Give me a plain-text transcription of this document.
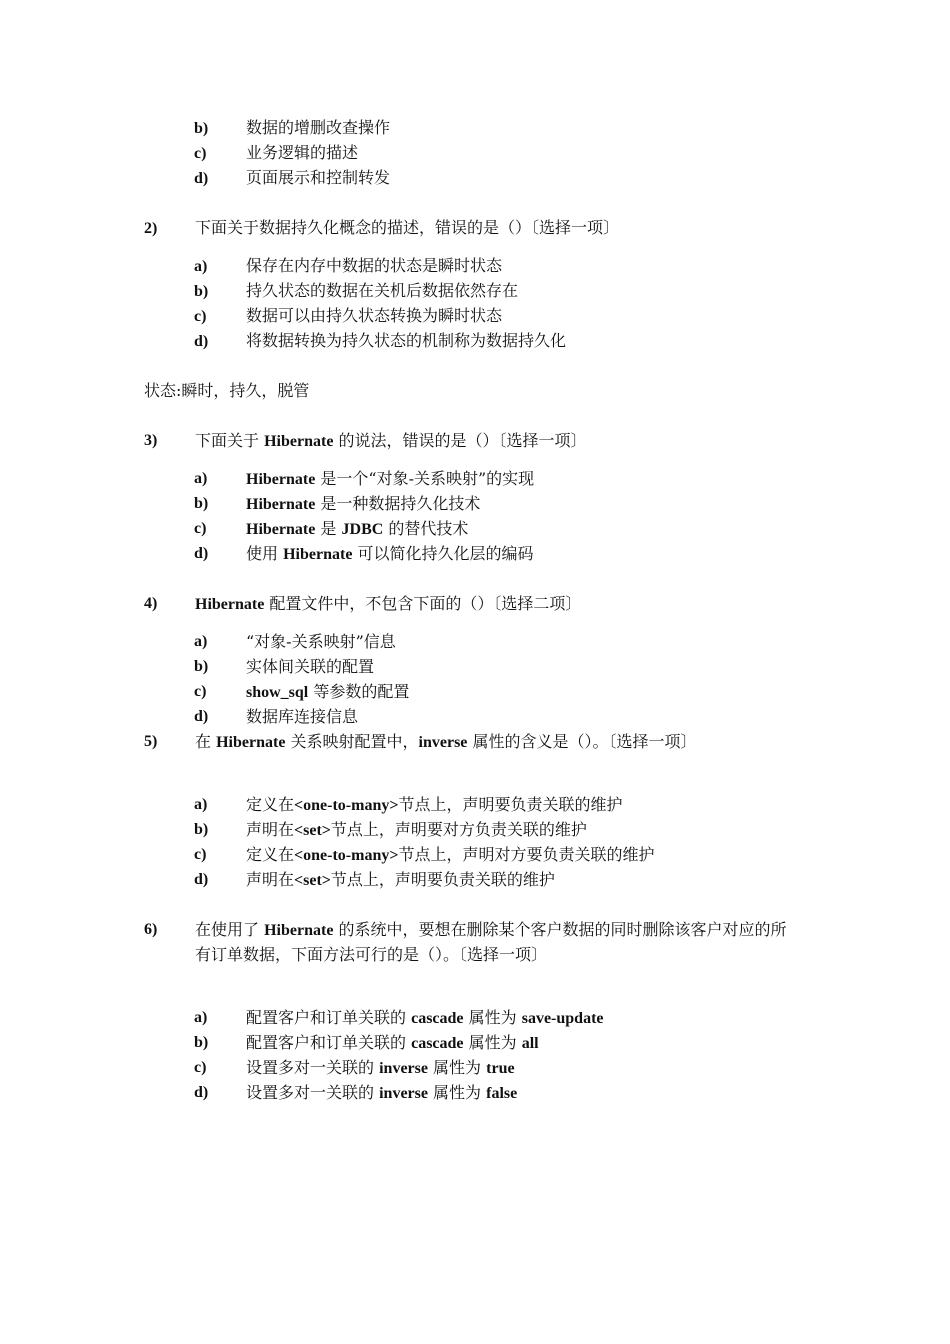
b) 数据的增删改查操作
c) 业务逻辑的描述
d) 页面展示和控制转发
2) 下面关于数据持久化概念的描述，错误的是（）〔选择一项〕
a) 保存在内存中数据的状态是瞬时状态
b) 持久状态的数据在关机后数据依然存在
c) 数据可以由持久状态转换为瞬时状态
d) 将数据转换为持久状态的机制称为数据持久化
状态:瞬时，持久，脱管
3) 下面关于 Hibernate 的说法，错误的是（）〔选择一项〕
a) Hibernate 是一个“对象-关系映射”的实现
b) Hibernate 是一种数据持久化技术
c) Hibernate 是 JDBC 的替代技术
d) 使用 Hibernate 可以简化持久化层的编码
4) Hibernate 配置文件中，不包含下面的（）〔选择二项〕
a) “对象-关系映射”信息
b) 实体间关联的配置
c) show_sql 等参数的配置
d) 数据库连接信息
5) 在 Hibernate 关系映射配置中，inverse 属性的含义是（）。〔选择一项〕
a) 定义在<one-to-many>节点上，声明要负责关联的维护
b) 声明在<set>节点上，声明要对方负责关联的维护
c) 定义在<one-to-many>节点上，声明对方要负责关联的维护
d) 声明在<set>节点上，声明要负责关联的维护
6) 在使用了 Hibernate 的系统中，要想在删除某个客户数据的同时删除该客户对应的所
有订单数据，下面方法可行的是（）。〔选择一项〕
a) 配置客户和订单关联的 cascade 属性为 save-update
b) 配置客户和订单关联的 cascade 属性为 all
c) 设置多对一关联的 inverse 属性为 true
d) 设置多对一关联的 inverse 属性为 false
